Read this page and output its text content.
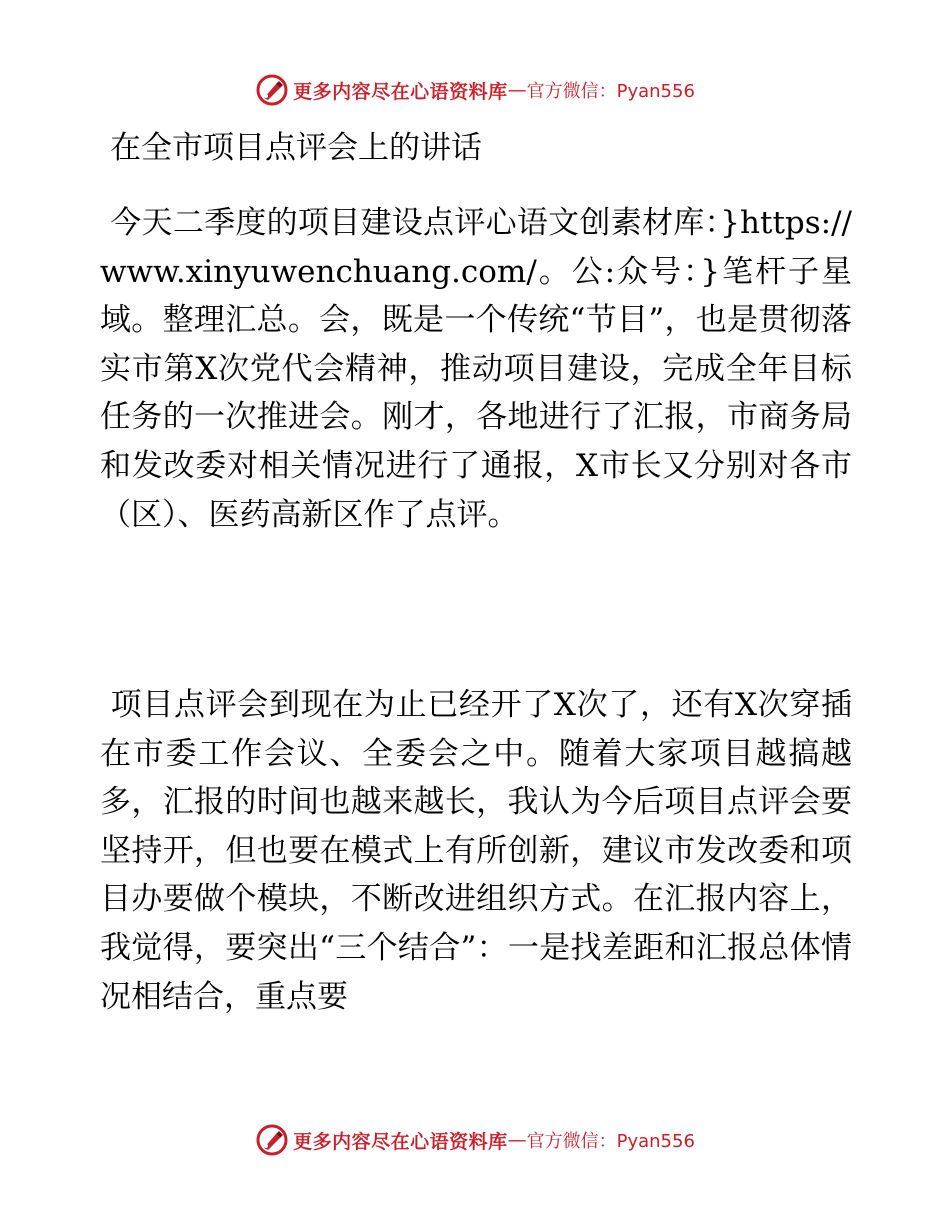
更多内容尽在心语资料库 — 官方微信：Pyan556
在全市项目点评会上的讲话
今天二季度的项目建设点评心语文创素材库：}https://www.xinyuwenchuang.com/。公:众号：}笔杆子星域。整理汇总。会，既是一个传统“节目”，也是贯彻落实市第Ⅹ次党代会精神，推动项目建设，完成全年目标任务的一次推进会。刚才，各地进行了汇报，市商务局和发改委对相关情况进行了通报，Ⅹ市长又分别对各市（区）、医药高新区作了点评。
项目点评会到现在为止已经开了Ⅹ次了，还有Ⅹ次穿插在市委工作会议、全委会之中。随着大家项目越搞越多，汇报的时间也越来越长，我认为今后项目点评会要坚持开，但也要在模式上有所创新，建议市发改委和项目办要做个模块，不断改进组织方式。在汇报内容上，我觉得，要突出“三个结合”：一是找差距和汇报总体情况相结合，重点要
更多内容尽在心语资料库 — 官方微信：Pyan556
